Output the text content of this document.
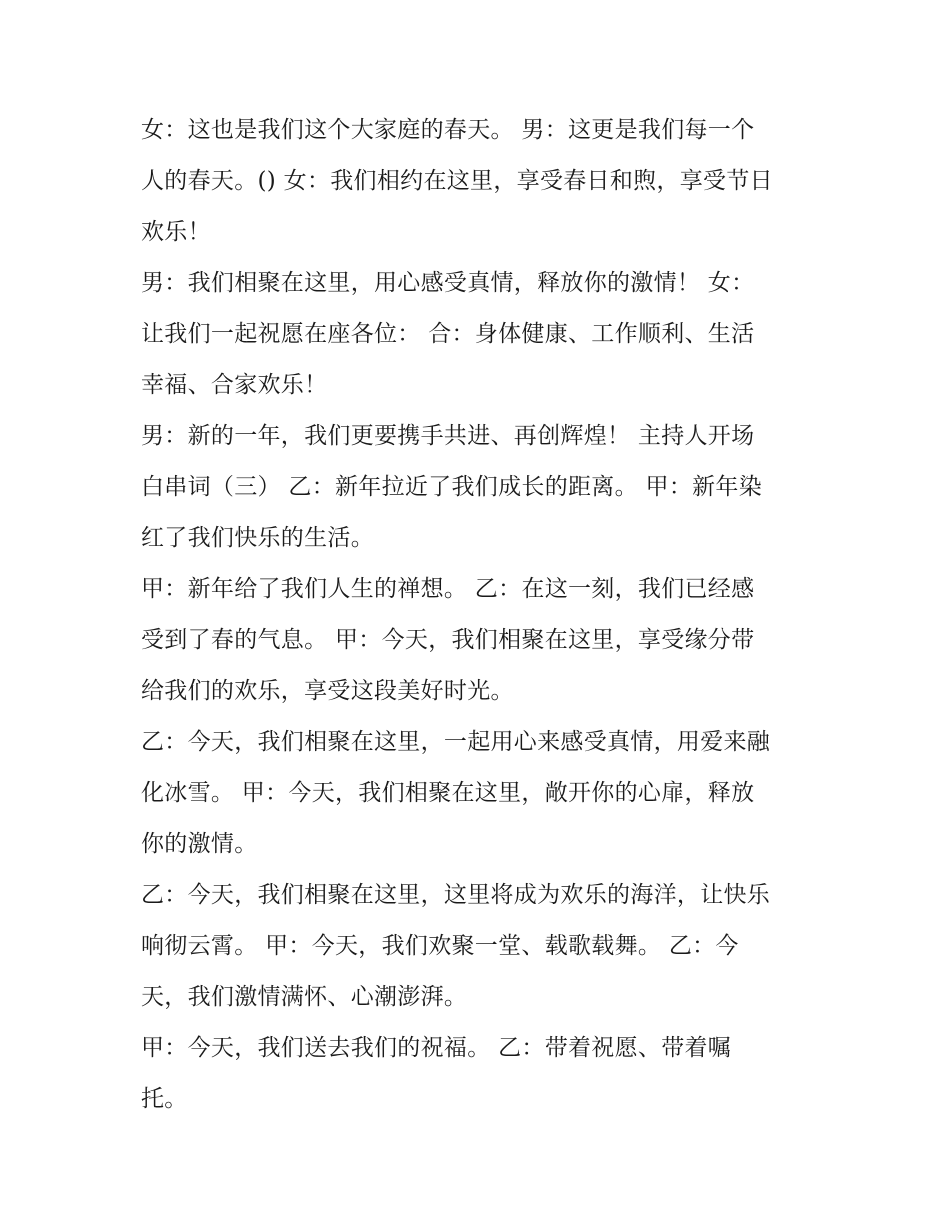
女：这也是我们这个大家庭的春天。 男：这更是我们每一个
人的春天。() 女：我们相约在这里，享受春日和煦，享受节日
欢乐！
男：我们相聚在这里，用心感受真情，释放你的激情！ 女：
让我们一起祝愿在座各位： 合：身体健康、工作顺利、生活
幸福、合家欢乐！
男：新的一年，我们更要携手共进、再创辉煌！ 主持人开场
白串词（三） 乙：新年拉近了我们成长的距离。 甲：新年染
红了我们快乐的生活。
甲：新年给了我们人生的禅想。 乙：在这一刻，我们已经感
受到了春的气息。 甲：今天，我们相聚在这里，享受缘分带
给我们的欢乐，享受这段美好时光。
乙：今天，我们相聚在这里，一起用心来感受真情，用爱来融
化冰雪。 甲：今天，我们相聚在这里，敞开你的心扉，释放
你的激情。
乙：今天，我们相聚在这里，这里将成为欢乐的海洋，让快乐
响彻云霄。 甲：今天，我们欢聚一堂、载歌载舞。 乙：今
天，我们激情满怀、心潮澎湃。
甲：今天，我们送去我们的祝福。 乙：带着祝愿、带着嘱
托。
